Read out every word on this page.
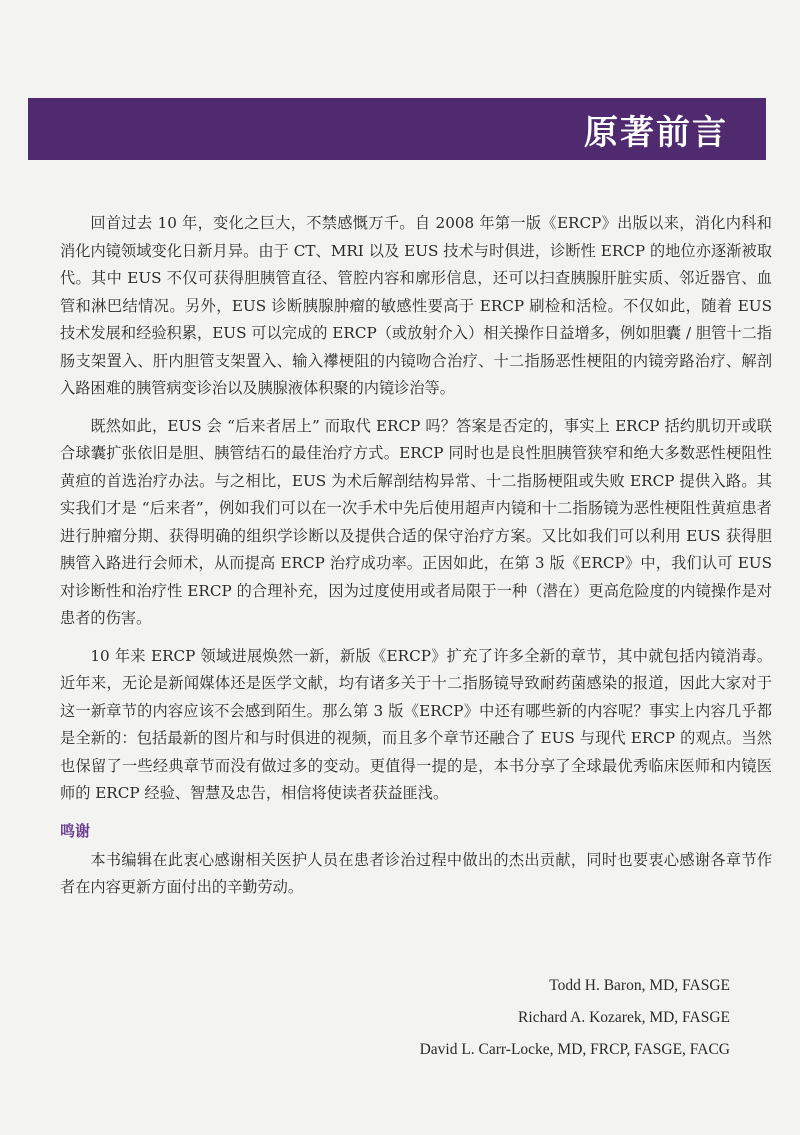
原著前言

回首过去 10 年，变化之巨大，不禁感慨万千。自 2008 年第一版《ERCP》出版以来，消化内科和消化内镜领域变化日新月异。由于 CT、MRI 以及 EUS 技术与时俱进，诊断性 ERCP 的地位亦逐渐被取代。其中 EUS 不仅可获得胆胰管直径、管腔内容和廓形信息，还可以扫查胰腺肝脏实质、邻近器官、血管和淋巴结情况。另外，EUS 诊断胰腺肿瘤的敏感性要高于 ERCP 刷检和活检。不仅如此，随着 EUS 技术发展和经验积累，EUS 可以完成的 ERCP（或放射介入）相关操作日益增多，例如胆囊 / 胆管十二指肠支架置入、肝内胆管支架置入、输入襻梗阻的内镜吻合治疗、十二指肠恶性梗阻的内镜旁路治疗、解剖入路困难的胰管病变诊治以及胰腺液体积聚的内镜诊治等。

既然如此，EUS 会 “后来者居上” 而取代 ERCP 吗？答案是否定的，事实上 ERCP 括约肌切开或联合球囊扩张依旧是胆、胰管结石的最佳治疗方式。ERCP 同时也是良性胆胰管狭窄和绝大多数恶性梗阻性黄疸的首选治疗办法。与之相比，EUS 为术后解剖结构异常、十二指肠梗阻或失败 ERCP 提供入路。其实我们才是 “后来者”，例如我们可以在一次手术中先后使用超声内镜和十二指肠镜为恶性梗阻性黄疸患者进行肿瘤分期、获得明确的组织学诊断以及提供合适的保守治疗方案。又比如我们可以利用 EUS 获得胆胰管入路进行会师术，从而提高 ERCP 治疗成功率。正因如此，在第 3 版《ERCP》中，我们认可 EUS 对诊断性和治疗性 ERCP 的合理补充，因为过度使用或者局限于一种（潜在）更高危险度的内镜操作是对患者的伤害。

10 年来 ERCP 领域进展焕然一新，新版《ERCP》扩充了许多全新的章节，其中就包括内镜消毒。近年来，无论是新闻媒体还是医学文献，均有诸多关于十二指肠镜导致耐药菌感染的报道，因此大家对于这一新章节的内容应该不会感到陌生。那么第 3 版《ERCP》中还有哪些新的内容呢？事实上内容几乎都是全新的：包括最新的图片和与时俱进的视频，而且多个章节还融合了 EUS 与现代 ERCP 的观点。当然也保留了一些经典章节而没有做过多的变动。更值得一提的是，本书分享了全球最优秀临床医师和内镜医师的 ERCP 经验、智慧及忠告，相信将使读者获益匪浅。

鸣谢

本书编辑在此衷心感谢相关医护人员在患者诊治过程中做出的杰出贡献，同时也要衷心感谢各章节作者在内容更新方面付出的辛勤劳动。

Todd H. Baron, MD, FASGE
Richard A. Kozarek, MD, FASGE
David L. Carr-Locke, MD, FRCP, FASGE, FACG
